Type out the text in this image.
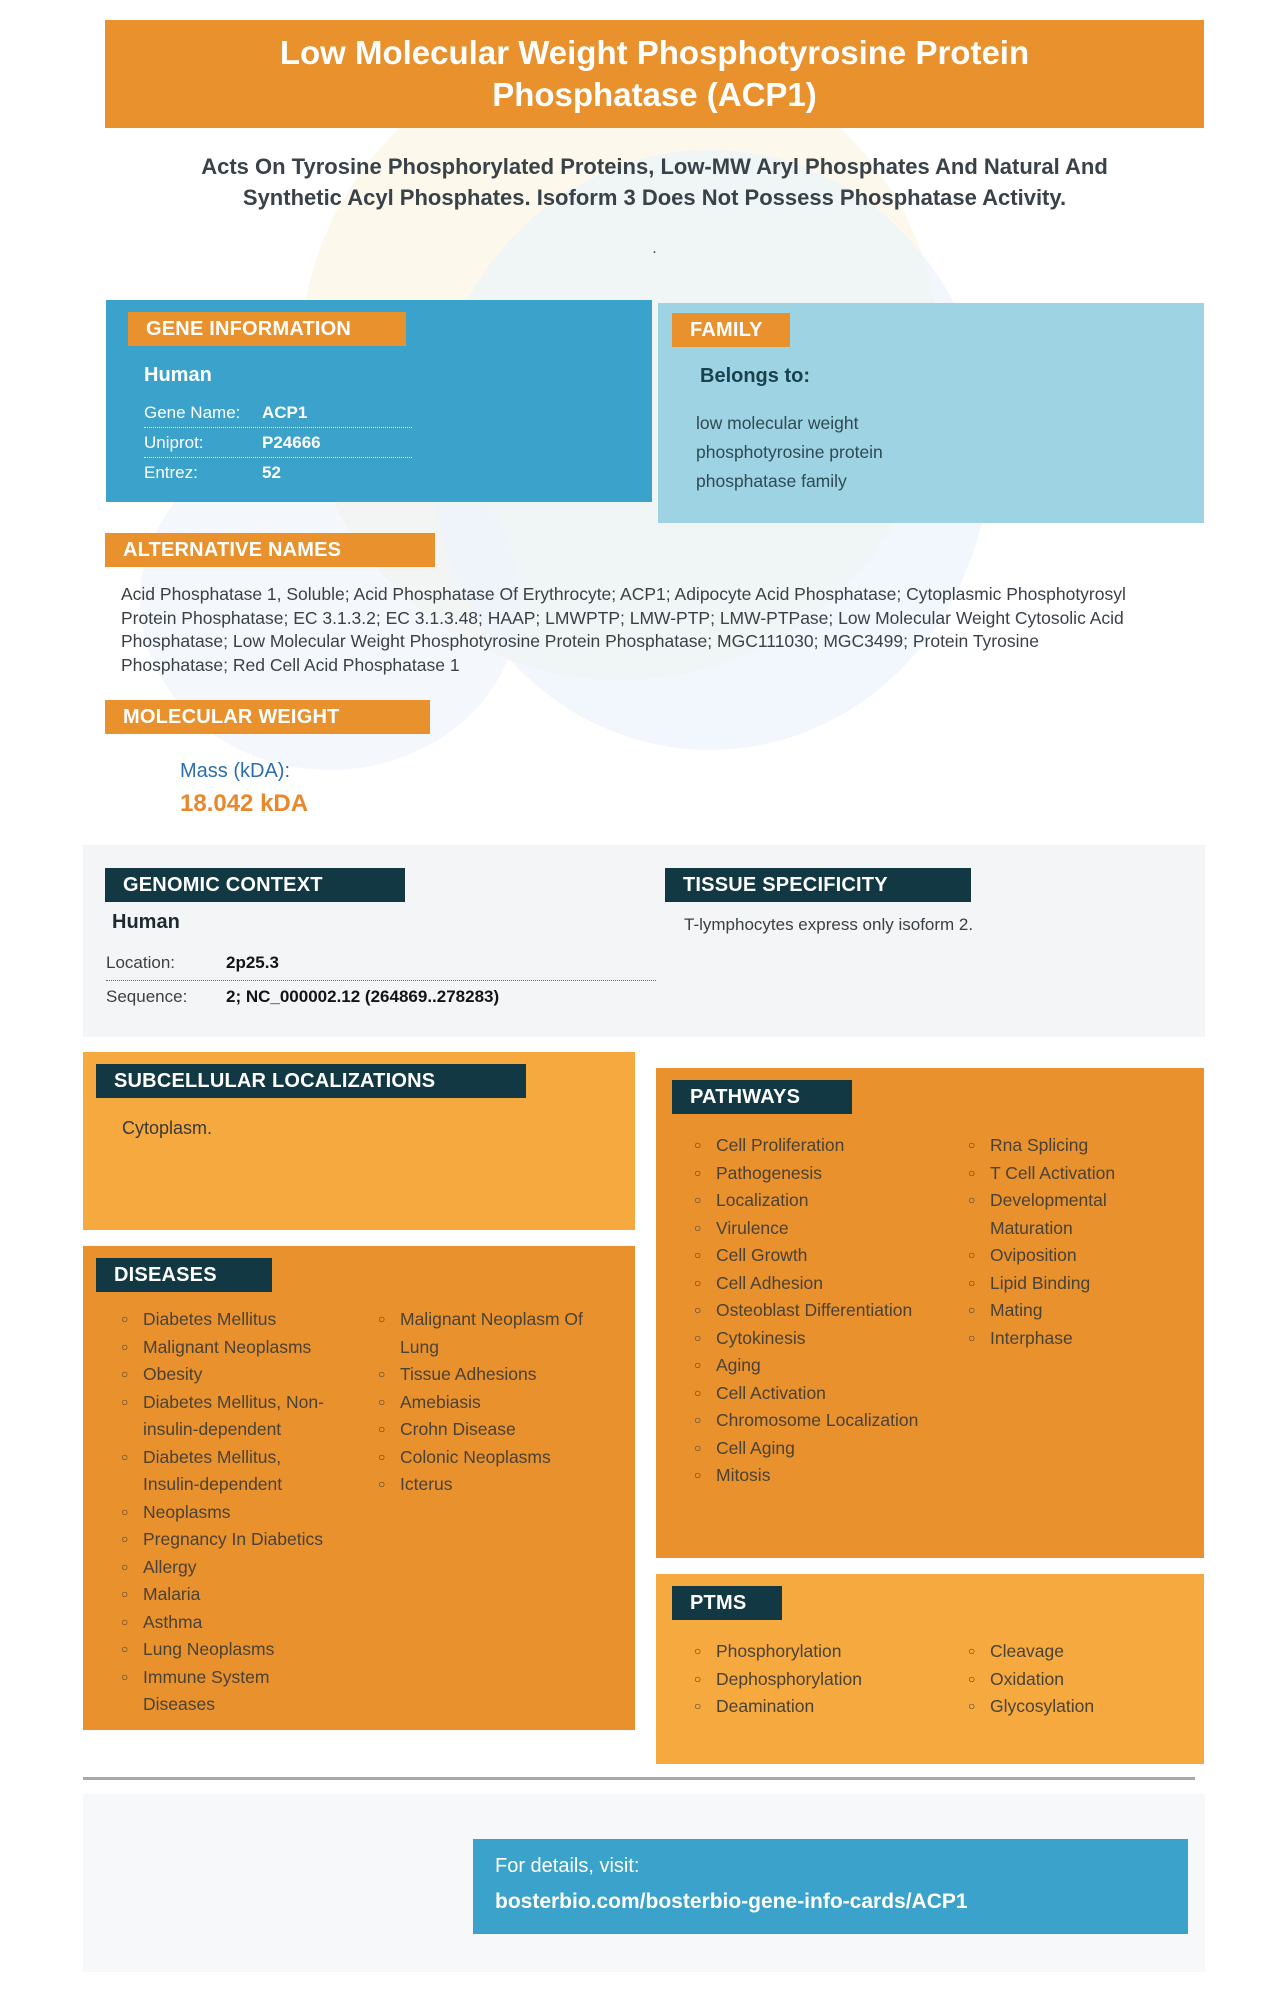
Low Molecular Weight Phosphotyrosine Protein Phosphatase (ACP1)
Acts On Tyrosine Phosphorylated Proteins, Low-MW Aryl Phosphates And Natural And Synthetic Acyl Phosphates. Isoform 3 Does Not Possess Phosphatase Activity.
.
GENE INFORMATION
Human
Gene Name:	ACP1
Uniprot:	P24666
Entrez:	52
FAMILY
Belongs to:
low molecular weight phosphotyrosine protein phosphatase family
ALTERNATIVE NAMES
Acid Phosphatase 1, Soluble; Acid Phosphatase Of Erythrocyte; ACP1; Adipocyte Acid Phosphatase; Cytoplasmic Phosphotyrosyl Protein Phosphatase; EC 3.1.3.2; EC 3.1.3.48; HAAP; LMWPTP; LMW-PTP; LMW-PTPase; Low Molecular Weight Cytosolic Acid Phosphatase; Low Molecular Weight Phosphotyrosine Protein Phosphatase; MGC111030; MGC3499; Protein Tyrosine Phosphatase; Red Cell Acid Phosphatase 1
MOLECULAR WEIGHT
Mass (kDA):
18.042 kDA
GENOMIC CONTEXT	TISSUE SPECIFICITY
Human
Location:	2p25.3
Sequence:	2; NC_000002.12 (264869..278283)
T-lymphocytes express only isoform 2.
SUBCELLULAR LOCALIZATIONS
Cytoplasm.
PATHWAYS
○ Cell Proliferation
○ Pathogenesis
○ Localization
○ Virulence
○ Cell Growth
○ Cell Adhesion
○ Osteoblast Differentiation
○ Cytokinesis
○ Aging
○ Cell Activation
○ Chromosome Localization
○ Cell Aging
○ Mitosis
○ Rna Splicing
○ T Cell Activation
○ Developmental Maturation
○ Oviposition
○ Lipid Binding
○ Mating
○ Interphase
DISEASES
○ Diabetes Mellitus
○ Malignant Neoplasms
○ Obesity
○ Diabetes Mellitus, Non-insulin-dependent
○ Diabetes Mellitus, Insulin-dependent
○ Neoplasms
○ Pregnancy In Diabetics
○ Allergy
○ Malaria
○ Asthma
○ Lung Neoplasms
○ Immune System Diseases
○ Malignant Neoplasm Of Lung
○ Tissue Adhesions
○ Amebiasis
○ Crohn Disease
○ Colonic Neoplasms
○ Icterus
PTMS
○ Phosphorylation
○ Dephosphorylation
○ Deamination
○ Cleavage
○ Oxidation
○ Glycosylation
For details, visit:
bosterbio.com/bosterbio-gene-info-cards/ACP1
